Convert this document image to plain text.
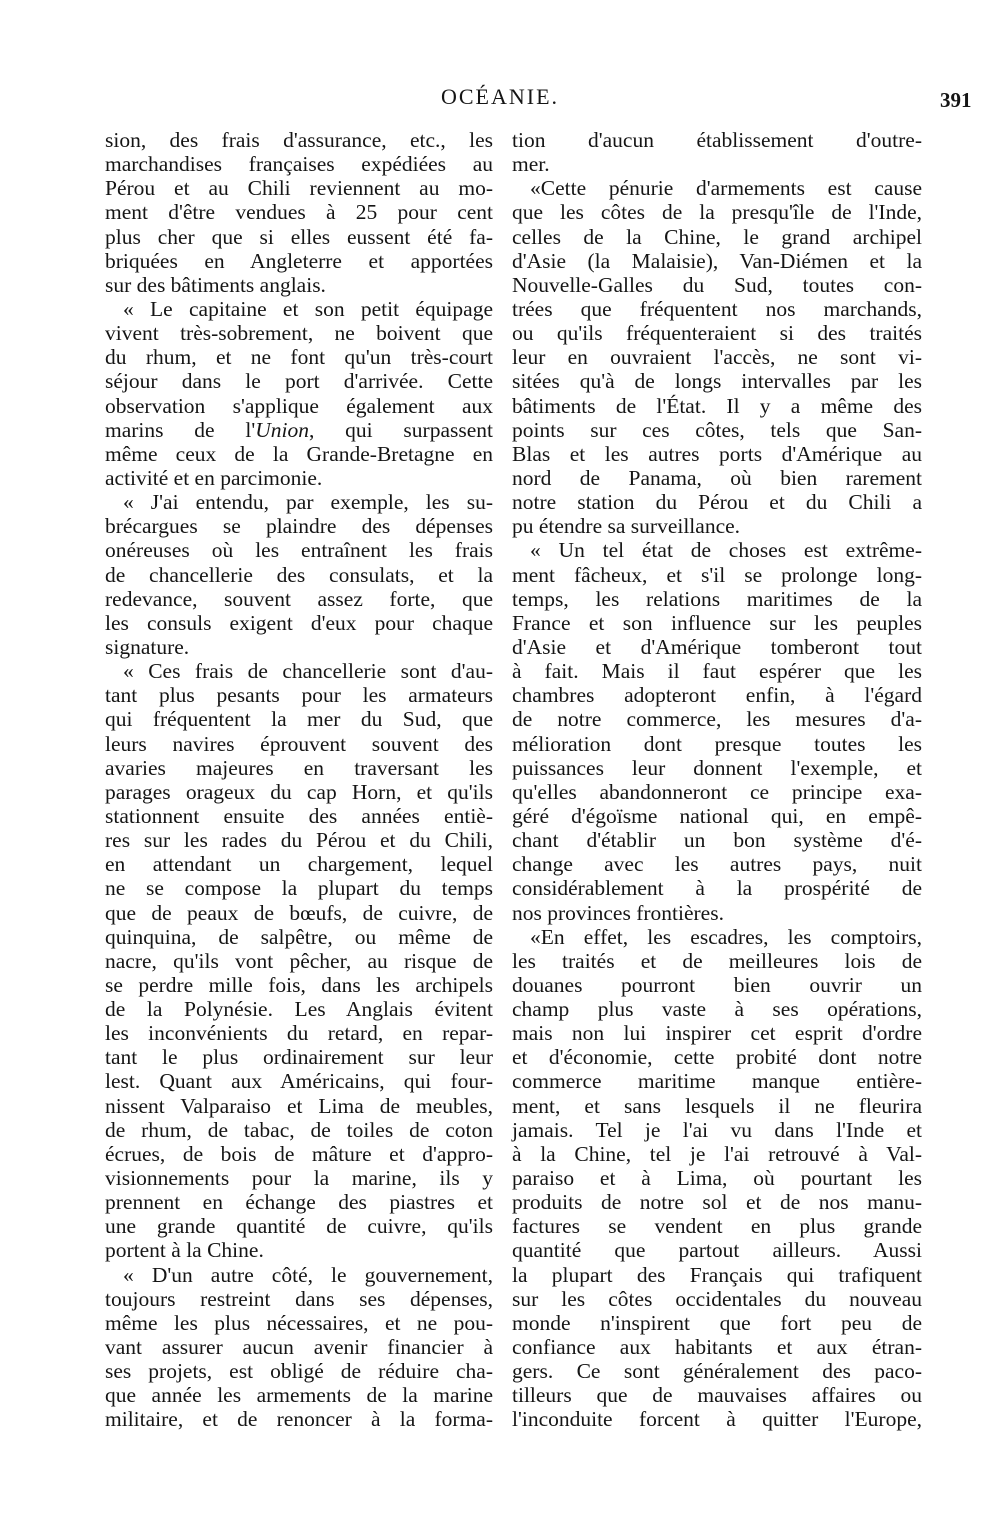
OCÉANIE.	391
sion, des frais d'assurance, etc., les
marchandises françaises expédiées au
Pérou et au Chili reviennent au mo-
ment d'être vendues à 25 pour cent
plus cher que si elles eussent été fa-
briquées en Angleterre et apportées
sur des bâtiments anglais.
« Le capitaine et son petit équipage
vivent très-sobrement, ne boivent que
du rhum, et ne font qu'un très-court
séjour dans le port d'arrivée. Cette
observation s'applique également aux
marins de l'Union, qui surpassent
même ceux de la Grande-Bretagne en
activité et en parcimonie.
« J'ai entendu, par exemple, les su-
brécargues se plaindre des dépenses
onéreuses où les entraînent les frais
de chancellerie des consulats, et la
redevance, souvent assez forte, que
les consuls exigent d'eux pour chaque
signature.
« Ces frais de chancellerie sont d'au-
tant plus pesants pour les armateurs
qui fréquentent la mer du Sud, que
leurs navires éprouvent souvent des
avaries majeures en traversant les
parages orageux du cap Horn, et qu'ils
stationnent ensuite des années entiè-
res sur les rades du Pérou et du Chili,
en attendant un chargement, lequel
ne se compose la plupart du temps
que de peaux de bœufs, de cuivre, de
quinquina, de salpêtre, ou même de
nacre, qu'ils vont pêcher, au risque de
se perdre mille fois, dans les archipels
de la Polynésie. Les Anglais évitent
les inconvénients du retard, en repar-
tant le plus ordinairement sur leur
lest. Quant aux Américains, qui four-
nissent Valparaiso et Lima de meubles,
de rhum, de tabac, de toiles de coton
écrues, de bois de mâture et d'appro-
visionnements pour la marine, ils y
prennent en échange des piastres et
une grande quantité de cuivre, qu'ils
portent à la Chine.
« D'un autre côté, le gouvernement,
toujours restreint dans ses dépenses,
même les plus nécessaires, et ne pou-
vant assurer aucun avenir financier à
ses projets, est obligé de réduire cha-
que année les armements de la marine
militaire, et de renoncer à la forma-
tion d'aucun établissement d'outre-
mer.
«Cette pénurie d'armements est cause
que les côtes de la presqu'île de l'Inde,
celles de la Chine, le grand archipel
d'Asie (la Malaisie), Van-Diémen et la
Nouvelle-Galles du Sud, toutes con-
trées que fréquentent nos marchands,
ou qu'ils fréquenteraient si des traités
leur en ouvraient l'accès, ne sont vi-
sitées qu'à de longs intervalles par les
bâtiments de l'État. Il y a même des
points sur ces côtes, tels que San-
Blas et les autres ports d'Amérique au
nord de Panama, où bien rarement
notre station du Pérou et du Chili a
pu étendre sa surveillance.
« Un tel état de choses est extrême-
ment fâcheux, et s'il se prolonge long-
temps, les relations maritimes de la
France et son influence sur les peuples
d'Asie et d'Amérique tomberont tout
à fait. Mais il faut espérer que les
chambres adopteront enfin, à l'égard
de notre commerce, les mesures d'a-
mélioration dont presque toutes les
puissances leur donnent l'exemple, et
qu'elles abandonneront ce principe exa-
géré d'égoïsme national qui, en empê-
chant d'établir un bon système d'é-
change avec les autres pays, nuit
considérablement à la prospérité de
nos provinces frontières.
«En effet, les escadres, les comptoirs,
les traités et de meilleures lois de
douanes pourront bien ouvrir un
champ plus vaste à ses opérations,
mais non lui inspirer cet esprit d'ordre
et d'économie, cette probité dont notre
commerce maritime manque entière-
ment, et sans lesquels il ne fleurira
jamais. Tel je l'ai vu dans l'Inde et
à la Chine, tel je l'ai retrouvé à Val-
paraiso et à Lima, où pourtant les
produits de notre sol et de nos manu-
factures se vendent en plus grande
quantité que partout ailleurs. Aussi
la plupart des Français qui trafiquent
sur les côtes occidentales du nouveau
monde n'inspirent que fort peu de
confiance aux habitants et aux étran-
gers. Ce sont généralement des paco-
tilleurs que de mauvaises affaires ou
l'inconduite forcent à quitter l'Europe,
